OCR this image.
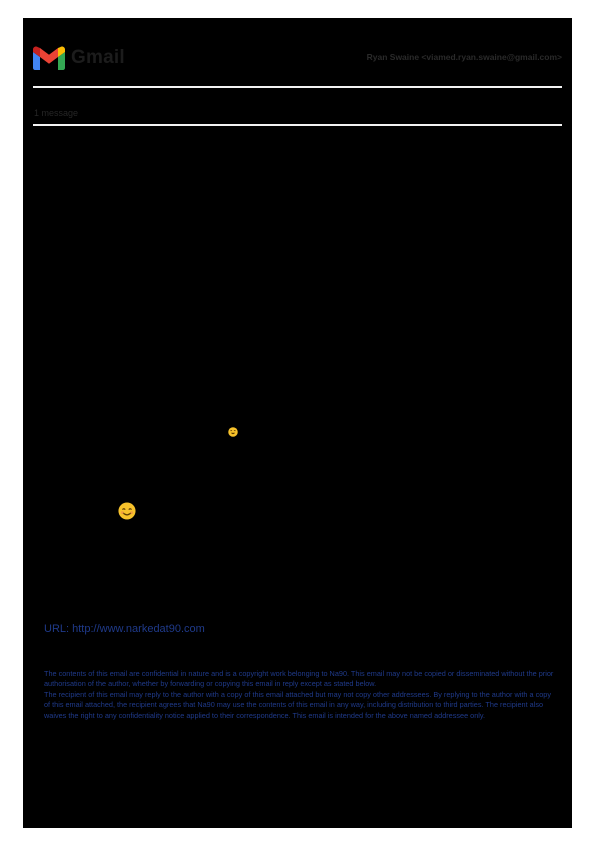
Gmail	Ryan Swaine <viamed.ryan.swaine@gmail.com>
1 message
URL: http://www.narkedat90.com

The contents of this email are confidential in nature and is a copyright work belonging to Na90. This email may not be copied or disseminated without the prior authorisation of the author, whether by forwarding or copying this email in reply except as stated below.

The recipient of this email may reply to the author with a copy of this email attached but may not copy other addressees. By replying to the author with a copy of this email attached, the recipient agrees that Na90 may use the contents of this email in any way, including distribution to third parties. The recipient also waives the right to any confidentiality notice applied to their correspondence. This email is intended for the above named addressee only.
